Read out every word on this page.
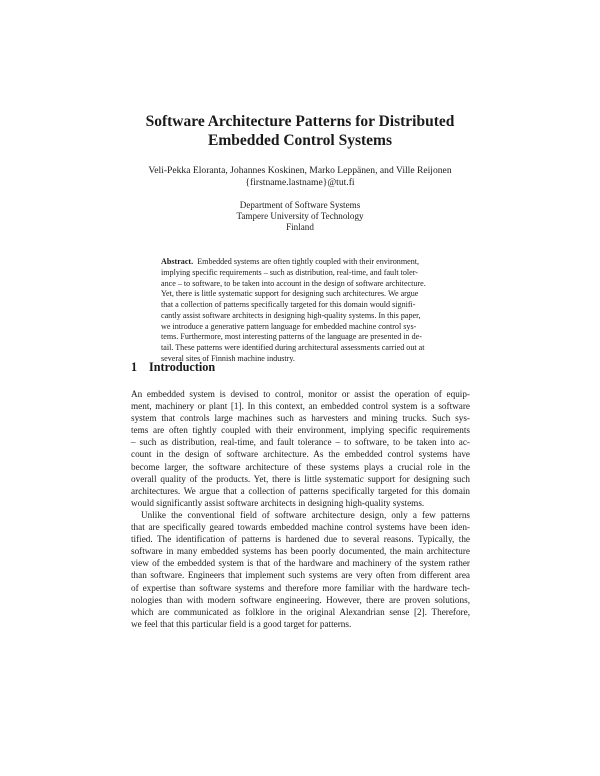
Software Architecture Patterns for Distributed
Embedded Control Systems
Veli-Pekka Eloranta, Johannes Koskinen, Marko Leppänen, and Ville Reijonen
{firstname.lastname}@tut.fi
Department of Software Systems
Tampere University of Technology
Finland
Abstract. Embedded systems are often tightly coupled with their environment,
implying specific requirements – such as distribution, real-time, and fault toler-
ance – to software, to be taken into account in the design of software architecture.
Yet, there is little systematic support for designing such architectures. We argue
that a collection of patterns specifically targeted for this domain would signifi-
cantly assist software architects in designing high-quality systems. In this paper,
we introduce a generative pattern language for embedded machine control sys-
tems. Furthermore, most interesting patterns of the language are presented in de-
tail. These patterns were identified during architectural assessments carried out at
several sites of Finnish machine industry.
1 Introduction
An embedded system is devised to control, monitor or assist the operation of equip-
ment, machinery or plant [1]. In this context, an embedded control system is a software
system that controls large machines such as harvesters and mining trucks. Such sys-
tems are often tightly coupled with their environment, implying specific requirements
– such as distribution, real-time, and fault tolerance – to software, to be taken into ac-
count in the design of software architecture. As the embedded control systems have
become larger, the software architecture of these systems plays a crucial role in the
overall quality of the products. Yet, there is little systematic support for designing such
architectures. We argue that a collection of patterns specifically targeted for this domain
would significantly assist software architects in designing high-quality systems.
Unlike the conventional field of software architecture design, only a few patterns
that are specifically geared towards embedded machine control systems have been iden-
tified. The identification of patterns is hardened due to several reasons. Typically, the
software in many embedded systems has been poorly documented, the main architecture
view of the embedded system is that of the hardware and machinery of the system rather
than software. Engineers that implement such systems are very often from different area
of expertise than software systems and therefore more familiar with the hardware tech-
nologies than with modern software engineering. However, there are proven solutions,
which are communicated as folklore in the original Alexandrian sense [2]. Therefore,
we feel that this particular field is a good target for patterns.
